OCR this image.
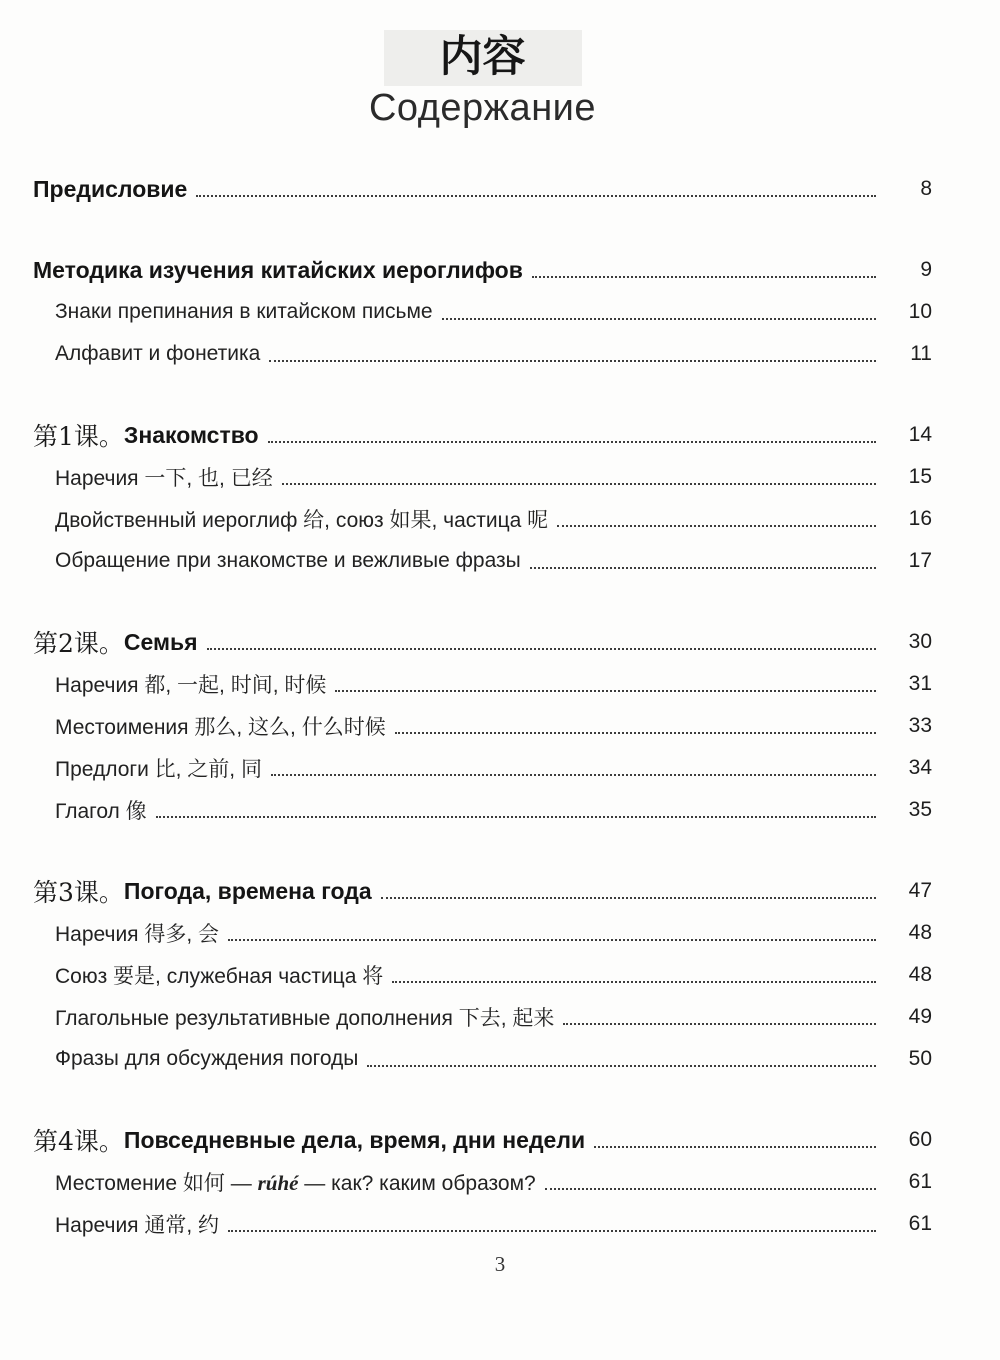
内容
Содержание
Предисловие	8
Методика изучения китайских иероглифов	9
Знаки препинания в китайском письме	10
Алфавит и фонетика	11
第1课。 Знакомство	14
Наречия 一下, 也, 已经	15
Двойственный иероглиф 给, союз 如果, частица 呢	16
Обращение при знакомстве и вежливые фразы	17
第2课。 Семья	30
Наречия 都, 一起, 时间, 时候	31
Местоимения 那么, 这么, 什么时候	33
Предлоги 比, 之前, 同	34
Глагол 像	35
第3课。 Погода, времена года	47
Наречия 得多, 会	48
Союз 要是, служебная частица 将	48
Глагольные результативные дополнения 下去, 起来	49
Фразы для обсуждения погоды	50
第4课。 Повседневные дела, время, дни недели	60
Местомение 如何 — rúhé — как? каким образом?	61
Наречия 通常, 约	61
3
